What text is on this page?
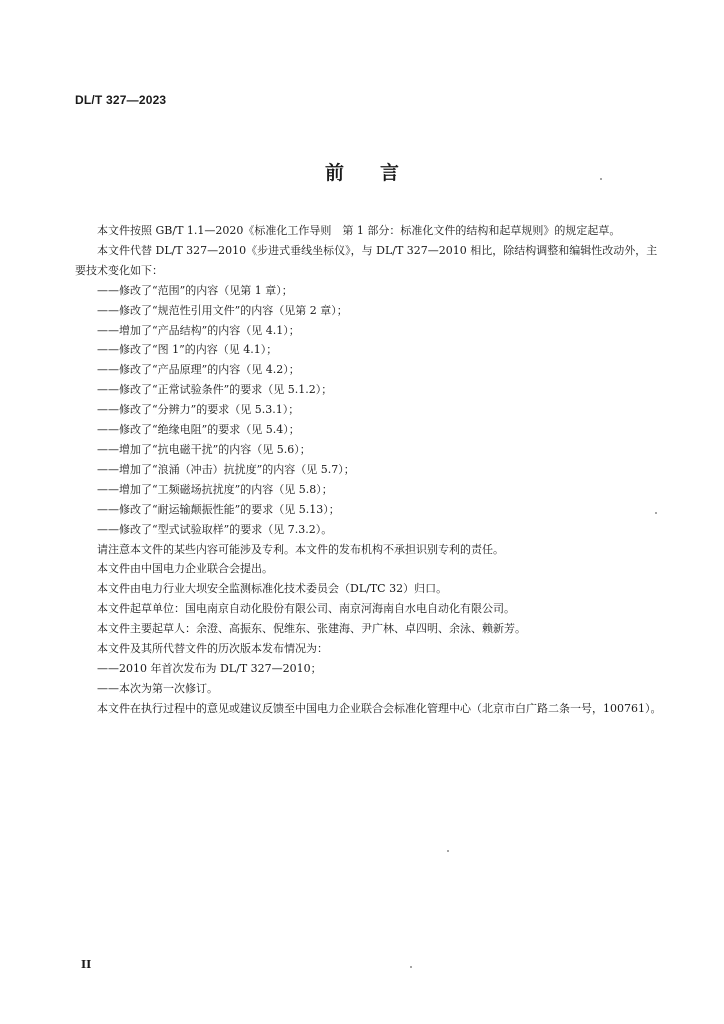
DL/T 327—2023
前言

本文件按照 GB/T 1.1—2020《标准化工作导则　第 1 部分：标准化文件的结构和起草规则》的规定起草。

本文件代替 DL/T 327—2010《步进式垂线坐标仪》，与 DL/T 327—2010 相比，除结构调整和编辑性改动外，主要技术变化如下：

——修改了“范围”的内容（见第 1 章）；

——修改了“规范性引用文件”的内容（见第 2 章）；

——增加了“产品结构”的内容（见 4.1）；

——修改了“图 1”的内容（见 4.1）；

——修改了“产品原理”的内容（见 4.2）；

——修改了“正常试验条件”的要求（见 5.1.2）；

——修改了“分辨力”的要求（见 5.3.1）；

——修改了“绝缘电阻”的要求（见 5.4）；

——增加了“抗电磁干扰”的内容（见 5.6）；

——增加了“浪涌（冲击）抗扰度”的内容（见 5.7）；

——增加了“工频磁场抗扰度”的内容（见 5.8）；

——修改了“耐运输颠振性能”的要求（见 5.13）；

——修改了“型式试验取样”的要求（见 7.3.2）。

请注意本文件的某些内容可能涉及专利。本文件的发布机构不承担识别专利的责任。

本文件由中国电力企业联合会提出。

本文件由电力行业大坝安全监测标准化技术委员会（DL/TC 32）归口。

本文件起草单位：国电南京自动化股份有限公司、南京河海南自水电自动化有限公司。

本文件主要起草人：余澄、高振东、倪维东、张建海、尹广林、卓四明、余泳、赖新芳。

本文件及其所代替文件的历次版本发布情况为：

——2010 年首次发布为 DL/T 327—2010；

——本次为第一次修订。

本文件在执行过程中的意见或建议反馈至中国电力企业联合会标准化管理中心（北京市白广路二条一号，100761）。

II
